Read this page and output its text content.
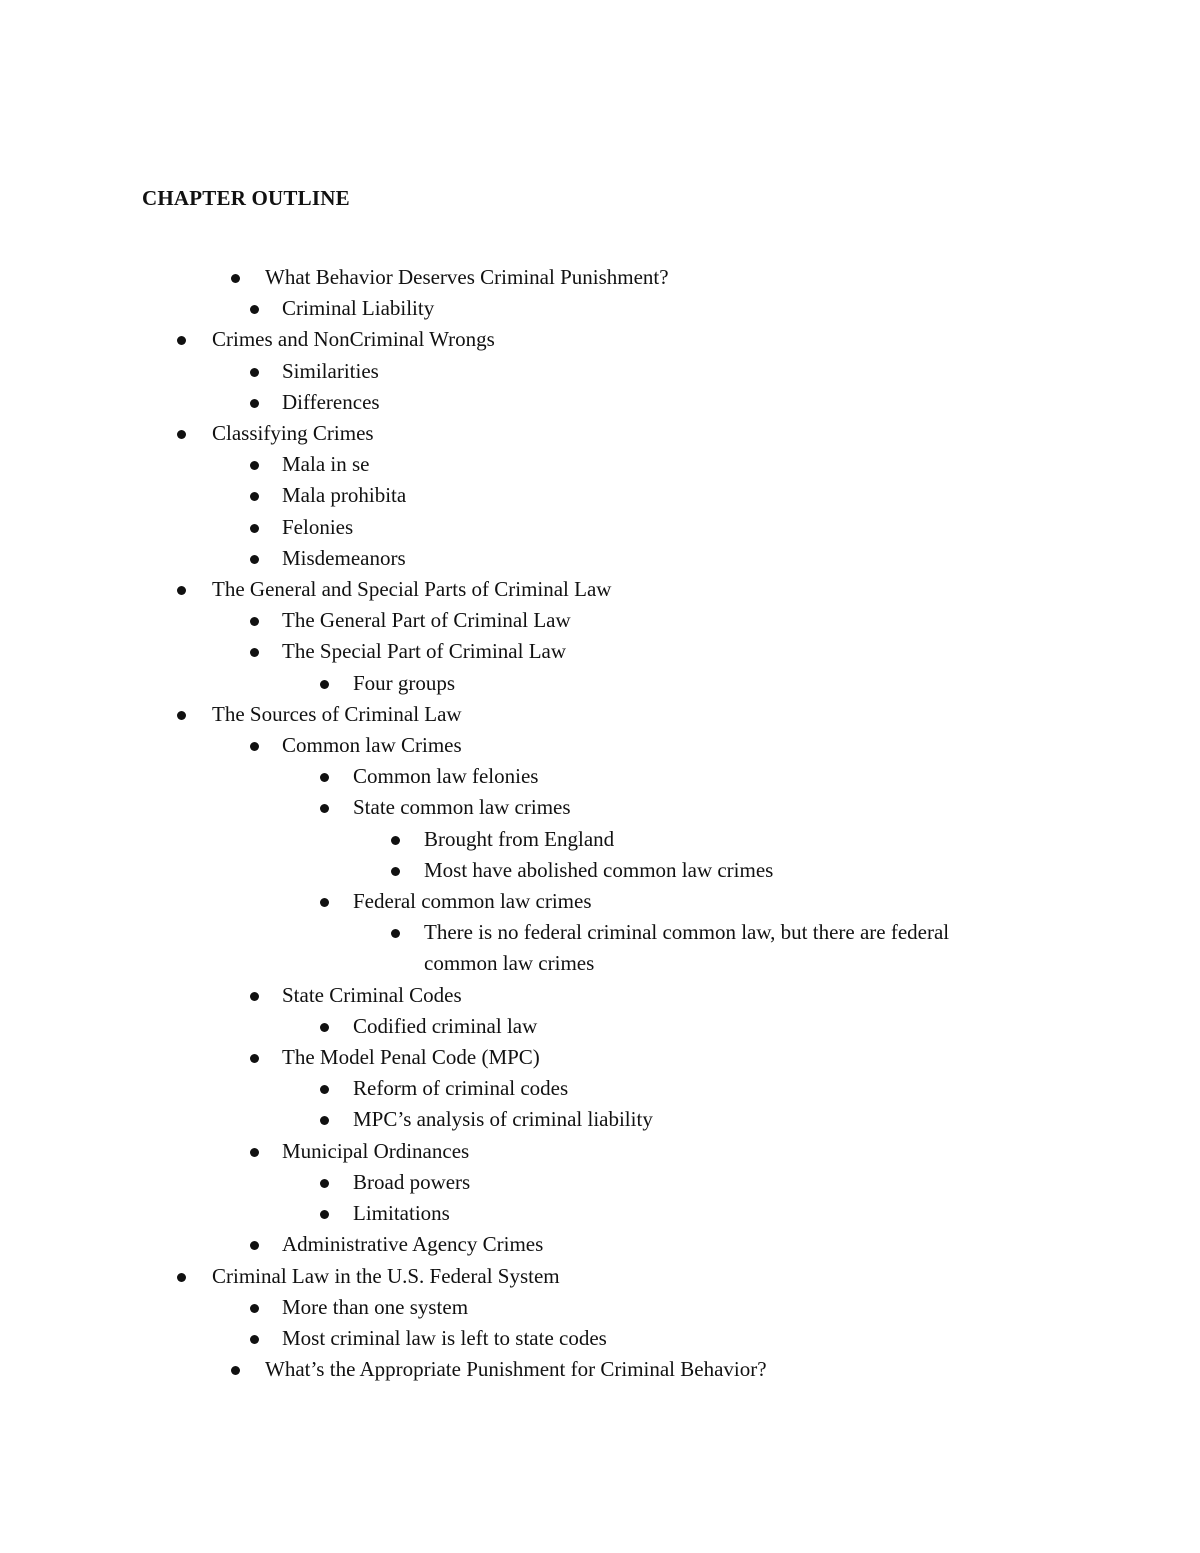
CHAPTER OUTLINE
What Behavior Deserves Criminal Punishment?
Criminal Liability
Crimes and NonCriminal Wrongs
Similarities
Differences
Classifying Crimes
Mala in se
Mala prohibita
Felonies
Misdemeanors
The General and Special Parts of Criminal Law
The General Part of Criminal Law
The Special Part of Criminal Law
Four groups
The Sources of Criminal Law
Common law Crimes
Common law felonies
State common law crimes
Brought from England
Most have abolished common law crimes
Federal common law crimes
There is no federal criminal common law, but there are federal common law crimes
State Criminal Codes
Codified criminal law
The Model Penal Code (MPC)
Reform of criminal codes
MPC’s analysis of criminal liability
Municipal Ordinances
Broad powers
Limitations
Administrative Agency Crimes
Criminal Law in the U.S. Federal System
More than one system
Most criminal law is left to state codes
What’s the Appropriate Punishment for Criminal Behavior?
